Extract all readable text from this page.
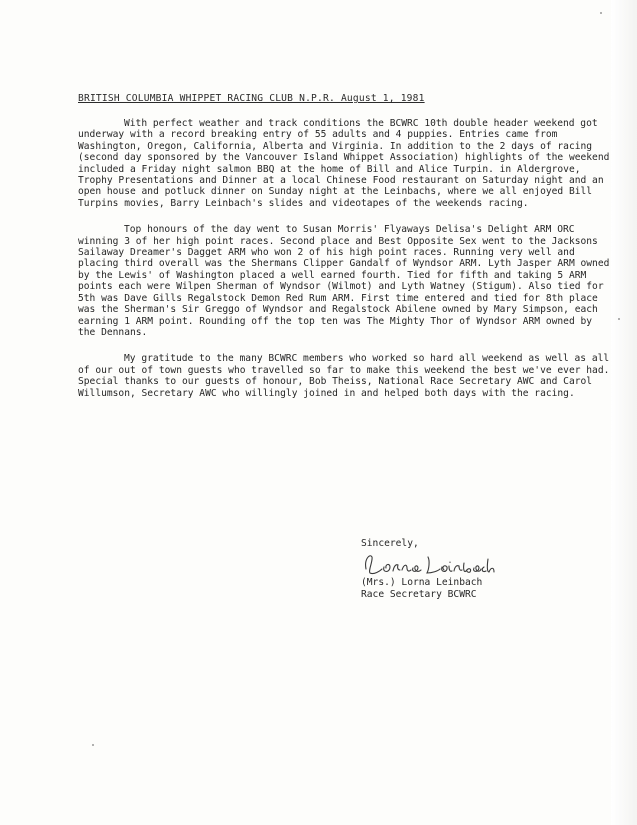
BRITISH COLUMBIA WHIPPET RACING CLUB N.P.R. August 1, 1981

With perfect weather and track conditions the BCWRC 10th double header weekend got underway with a record breaking entry of 55 adults and 4 puppies. Entries came from Washington, Oregon, California, Alberta and Virginia. In addition to the 2 days of racing (second day sponsored by the Vancouver Island Whippet Association) highlights of the weekend included a Friday night salmon BBQ at the home of Bill and Alice Turpin. in Aldergrove, Trophy Presentations and Dinner at a local Chinese Food restaurant on Saturday night and an open house and potluck dinner on Sunday night at the Leinbachs, where we all enjoyed Bill Turpins movies, Barry Leinbach's slides and videotapes of the weekends racing.

Top honours of the day went to Susan Morris' Flyaways Delisa's Delight ARM ORC winning 3 of her high point races. Second place and Best Opposite Sex went to the Jacksons Sailaway Dreamer's Dagget ARM who won 2 of his high point races. Running very well and placing third overall was the Shermans Clipper Gandalf of Wyndsor ARM. Lyth Jasper ARM owned by the Lewis' of Washington placed a well earned fourth. Tied for fifth and taking 5 ARM points each were Wilpen Sherman of Wyndsor (Wilmot) and Lyth Watney (Stigum). Also tied for 5th was Dave Gills Regalstock Demon Red Rum ARM. First time entered and tied for 8th place was the Sherman's Sir Greggo of Wyndsor and Regalstock Abilene owned by Mary Simpson, each earning 1 ARM point. Rounding off the top ten was The Mighty Thor of Wyndsor ARM owned by the Dennans.

My gratitude to the many BCWRC members who worked so hard all weekend as well as all of our out of town guests who travelled so far to make this weekend the best we've ever had. Special thanks to our guests of honour, Bob Theiss, National Race Secretary AWC and Carol Willumson, Secretary AWC who willingly joined in and helped both days with the racing.

Sincerely,
(Mrs.) Lorna Leinbach
Race Secretary BCWRC
